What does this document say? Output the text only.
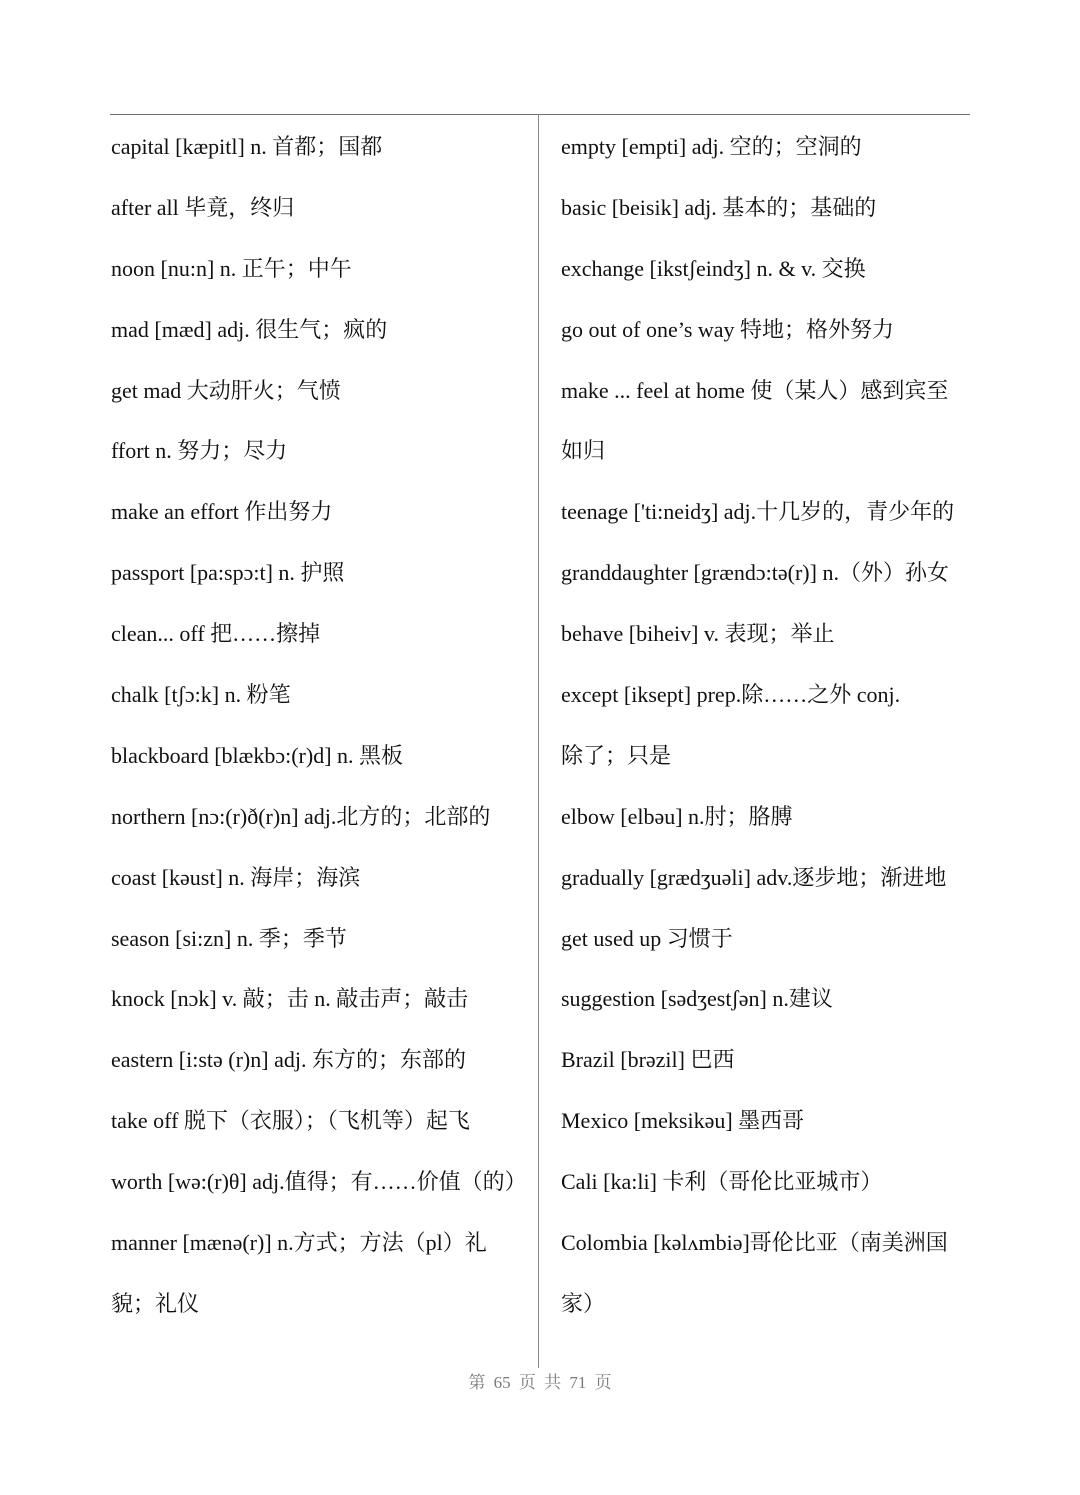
capital [kæpitl] n. 首都；国都
after all 毕竟，终归
noon [nu:n] n. 正午；中午
mad [mæd] adj. 很生气；疯的
get mad 大动肝火；气愤
ffort n. 努力；尽力
make an effort 作出努力
passport [pa:spɔ:t] n. 护照
clean... off 把……擦掉
chalk [tʃɔ:k] n. 粉笔
blackboard [blækbɔ:(r)d] n. 黑板
northern [nɔ:(r)ð(r)n] adj.北方的；北部的
coast [kəust] n. 海岸；海滨
season [si:zn] n. 季；季节
knock [nɔk] v. 敲；击 n. 敲击声；敲击
eastern [i:stə (r)n] adj. 东方的；东部的
take off 脱下（衣服）；（飞机等）起飞
worth [wə:(r)θ] adj.值得；有……价值（的）
manner [mænə(r)] n.方式；方法（pl）礼
貌；礼仪
empty [empti] adj. 空的；空洞的
basic [beisik] adj. 基本的；基础的
exchange [ikstʃeindʒ] n. & v. 交换
go out of one’s way 特地；格外努力
make ... feel at home 使（某人）感到宾至
如归
teenage ['ti:neidʒ] adj.十几岁的，青少年的
granddaughter [grændɔ:tə(r)] n.（外）孙女
behave [biheiv] v. 表现；举止
except [iksept] prep.除……之外 conj.
除了；只是
elbow [elbəu] n.肘；胳膊
gradually [grædʒuəli] adv.逐步地；渐进地
get used up 习惯于
suggestion [sədʒestʃən] n.建议
Brazil [brəzil] 巴西
Mexico [meksikəu] 墨西哥
Cali [ka:li] 卡利（哥伦比亚城市）
Colombia [kəlʌmbiə]哥伦比亚（南美洲国
家）
第 65 页 共 71 页
